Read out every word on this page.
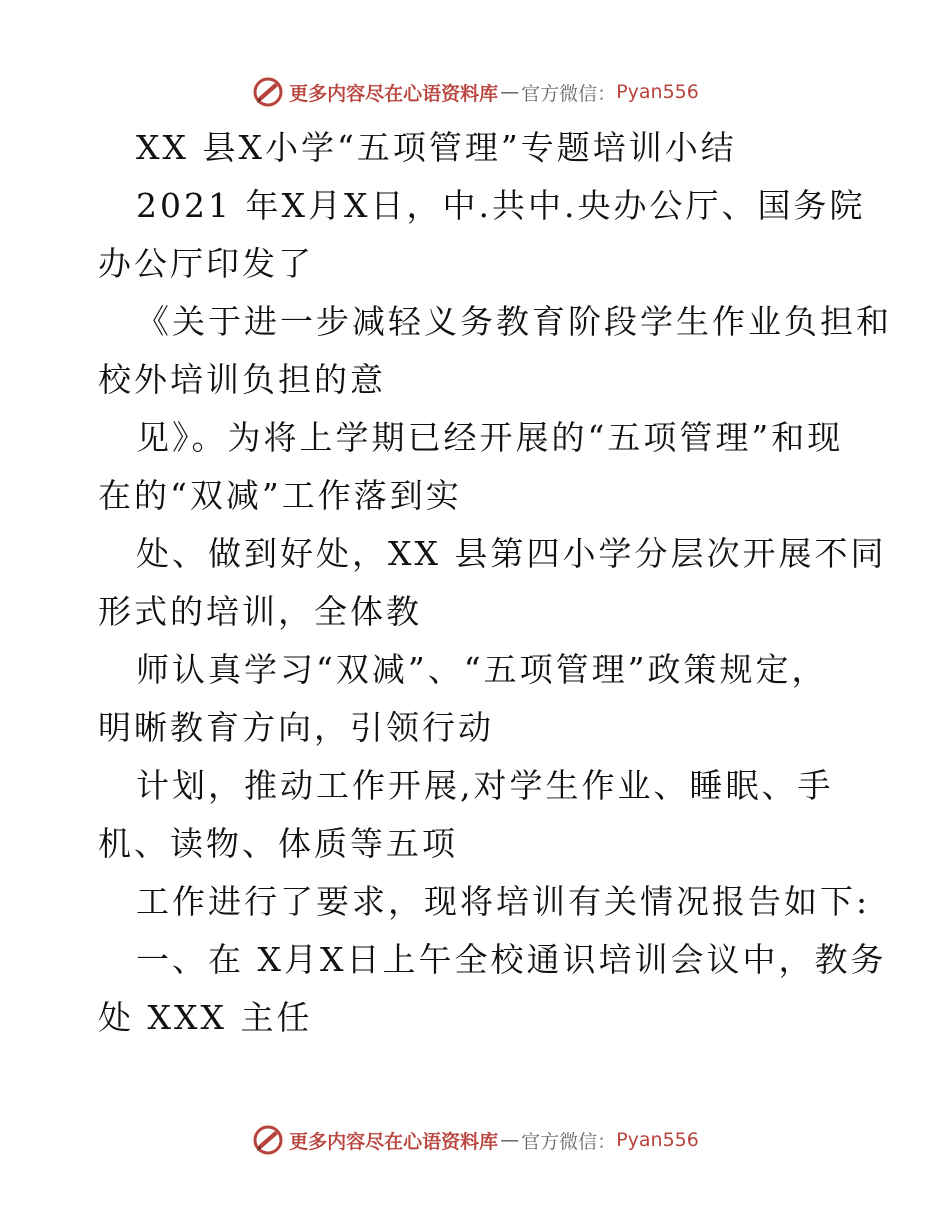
更多内容尽在心语资料库 — 官方微信： Pyan556
XX 县X小学“五项管理”专题培训小结
2021 年X月X日，中.共中.央办公厅、国务院
办公厅印发了
《关于进一步减轻义务教育阶段学生作业负担和
校外培训负担的意
见》。为将上学期已经开展的“五项管理”和现
在的“双减”工作落到实
处、做到好处，XX 县第四小学分层次开展不同
形式的培训，全体教
师认真学习“双减”、“五项管理”政策规定，
明晰教育方向，引领行动
计划，推动工作开展,对学生作业、睡眠、手
机、读物、体质等五项
工作进行了要求，现将培训有关情况报告如下:
一、在 X月X日上午全校通识培训会议中，教务
处 XXX 主任
更多内容尽在心语资料库 — 官方微信： Pyan556
